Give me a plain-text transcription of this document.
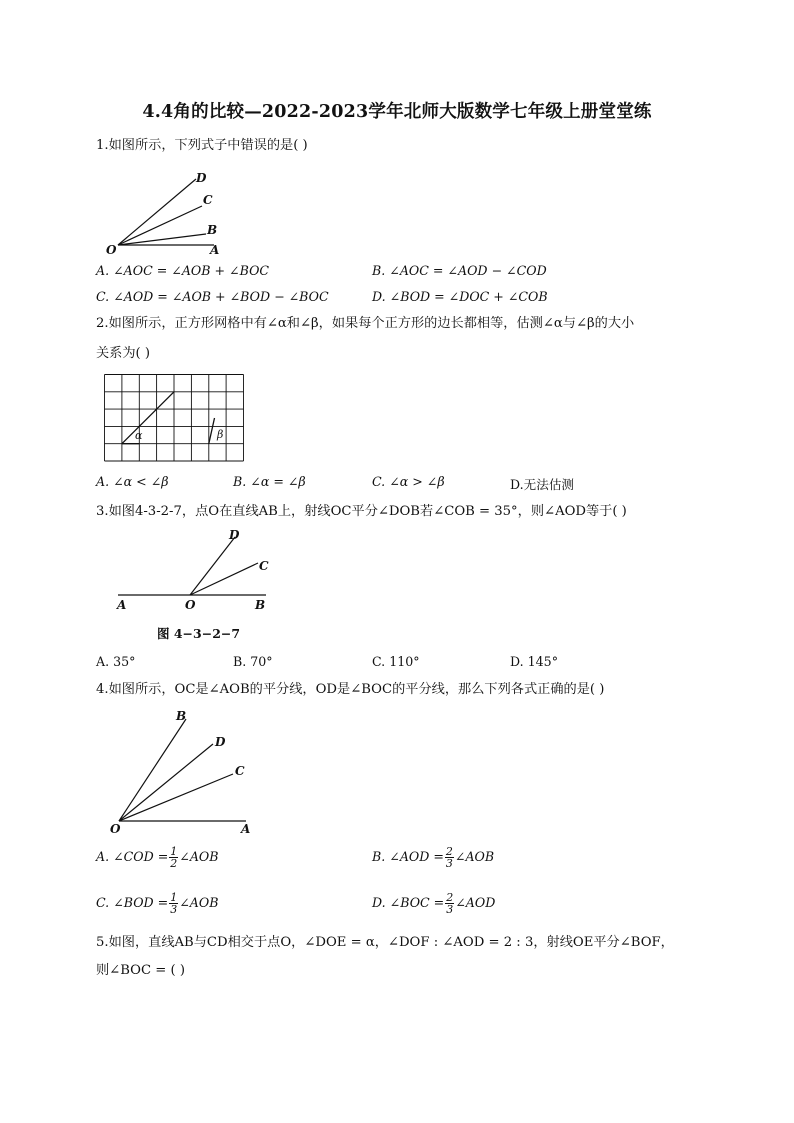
4.4角的比较—2022-2023学年北师大版数学七年级上册堂堂练
1.如图所示，下列式子中错误的是( )
D
C
B
O	A
A. ∠AOC = ∠AOB + ∠BOC	B. ∠AOC = ∠AOD − ∠COD
C. ∠AOD = ∠AOB + ∠BOD − ∠BOC	D. ∠BOD = ∠DOC + ∠COB
2.如图所示，正方形网格中有∠α和∠β，如果每个正方形的边长都相等，估测∠α与∠β的大小
关系为( )
α	β
A. ∠α < ∠β	B. ∠α = ∠β	C. ∠α > ∠β	D.无法估测
3.如图4-3-2-7，点O在直线AB上，射线OC平分∠DOB若∠COB = 35°，则∠AOD等于( )
D
C
A	O	B
图 4−3−2−7
A. 35°	B. 70°	C. 110°	D. 145°
4.如图所示，OC是∠AOB的平分线，OD是∠BOC的平分线，那么下列各式正确的是( )
B
D
C
O	A
A. ∠COD = $\frac{1}{2}$ ∠AOB	B. ∠AOD = $\frac{2}{3}$ ∠AOB
C. ∠BOD = $\frac{1}{3}$ ∠AOB	D. ∠BOC = $\frac{2}{3}$ ∠AOD
5.如图，直线AB与CD相交于点O，∠DOE = α，∠DOF : ∠AOD = 2 : 3，射线OE平分∠BOF，
则∠BOC = ( )
